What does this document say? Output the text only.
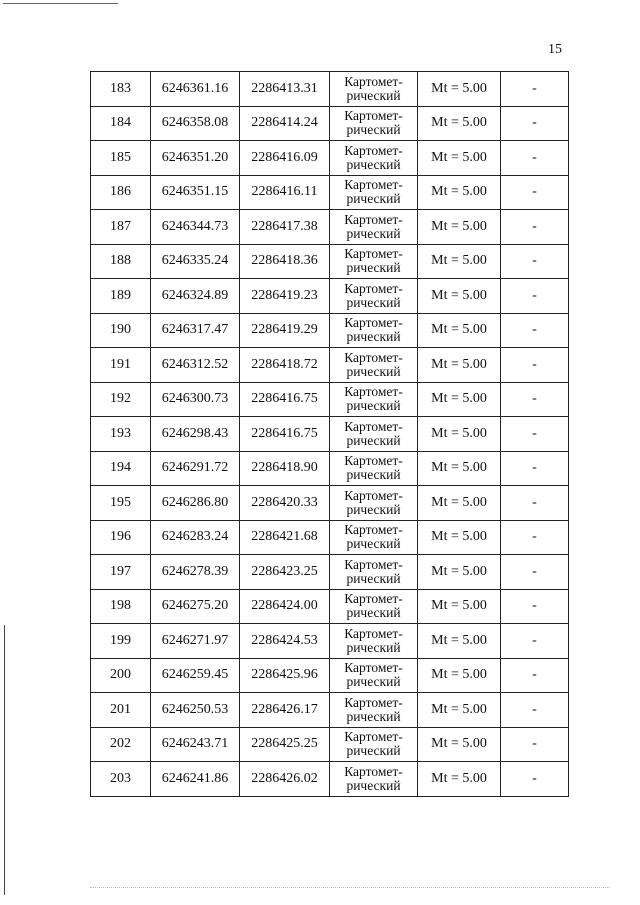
15
183	6246361.16	2286413.31	Картомет-
рический	Mt = 5.00	-
184	6246358.08	2286414.24	Картомет-
рический	Mt = 5.00	-
185	6246351.20	2286416.09	Картомет-
рический	Mt = 5.00	-
186	6246351.15	2286416.11	Картомет-
рический	Mt = 5.00	-
187	6246344.73	2286417.38	Картомет-
рический	Mt = 5.00	-
188	6246335.24	2286418.36	Картомет-
рический	Mt = 5.00	-
189	6246324.89	2286419.23	Картомет-
рический	Mt = 5.00	-
190	6246317.47	2286419.29	Картомет-
рический	Mt = 5.00	-
191	6246312.52	2286418.72	Картомет-
рический	Mt = 5.00	-
192	6246300.73	2286416.75	Картомет-
рический	Mt = 5.00	-
193	6246298.43	2286416.75	Картомет-
рический	Mt = 5.00	-
194	6246291.72	2286418.90	Картомет-
рический	Mt = 5.00	-
195	6246286.80	2286420.33	Картомет-
рический	Mt = 5.00	-
196	6246283.24	2286421.68	Картомет-
рический	Mt = 5.00	-
197	6246278.39	2286423.25	Картомет-
рический	Mt = 5.00	-
198	6246275.20	2286424.00	Картомет-
рический	Mt = 5.00	-
199	6246271.97	2286424.53	Картомет-
рический	Mt = 5.00	-
200	6246259.45	2286425.96	Картомет-
рический	Mt = 5.00	-
201	6246250.53	2286426.17	Картомет-
рический	Mt = 5.00	-
202	6246243.71	2286425.25	Картомет-
рический	Mt = 5.00	-
203	6246241.86	2286426.02	Картомет-
рический	Mt = 5.00	-
